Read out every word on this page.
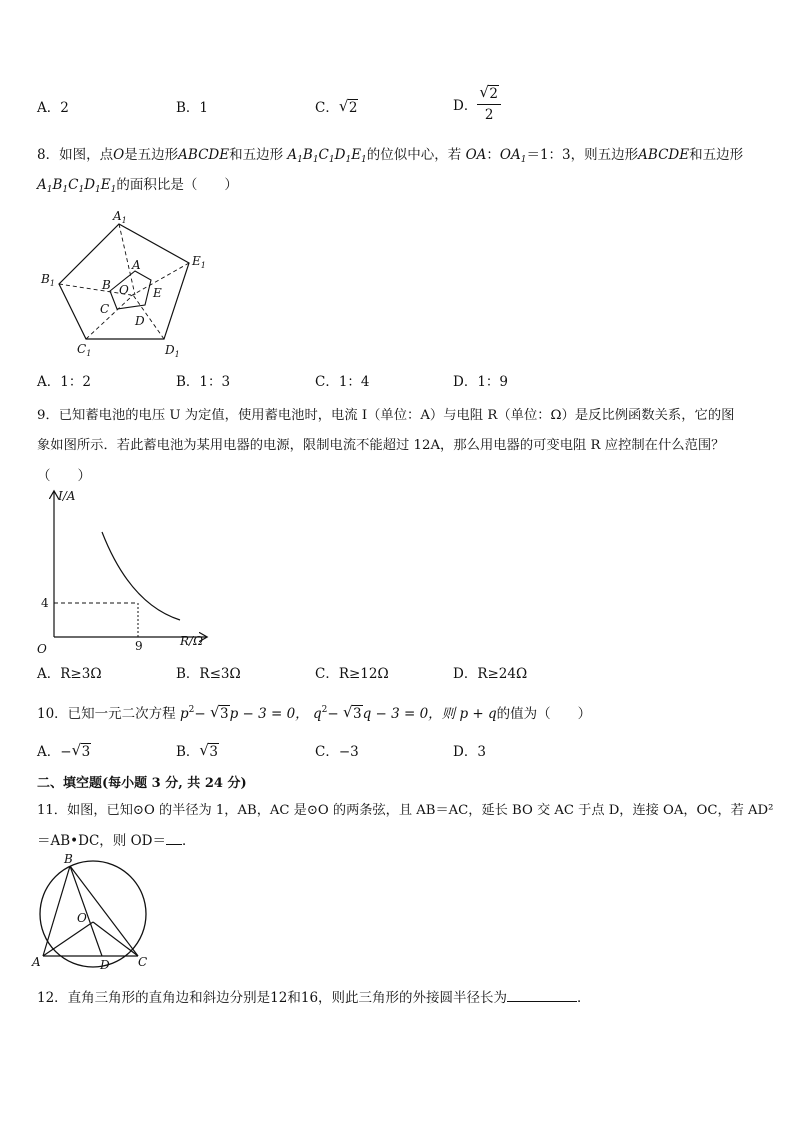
A．2	B．1	C． √ 2	D． $\frac{√ 2}{2}$
8．如图，点O是五边形ABCDE和五边形 $A_1B_1C_1D_1E_1$的位似中心，若 OA：$OA_1=1$：3，则五边形ABCDE和五边形
$A_1B_1C_1D_1E_1$的面积比是（　　）
$A_1$
$E_1$
$B_1$
$C_1$	$D_1$
A
E
B
C
D
O
A．1：2	B．1：3	C．1：4	D．1：9
9．已知蓄电池的电压 U 为定值，使用蓄电池时，电流 I（单位：A）与电阻 R（单位：Ω）是反比例函数关系，它的图
象如图所示．若此蓄电池为某用电器的电源，限制电流不能超过 12A，那么用电器的可变电阻 R 应控制在什么范围？
（　　）
I/A
R/Ω
O
4
9
A．R≥3Ω	B．R≤3Ω	C．R≥12Ω	D．R≥24Ω
10．已知一元二次方程 $p^2-$ √ 3p − 3 = 0， $q^2-$ √ 3q − 3 = 0，则 p + q的值为（　　）
A．− √ 3	B． √ 3	C．−3	D．3
二、填空题(每小题 3 分, 共 24 分)
11．如图，已知⊙O 的半径为 1，AB，AC 是⊙O 的两条弦，且 AB＝AC，延长 BO 交 AC 于点 D，连接 OA，OC，若 AD²
＝AB•DC，则 OD＝ ．
B
O
A	D C
12．直角三角形的直角边和斜边分别是12和16，则此三角形的外接圆半径长为	．
